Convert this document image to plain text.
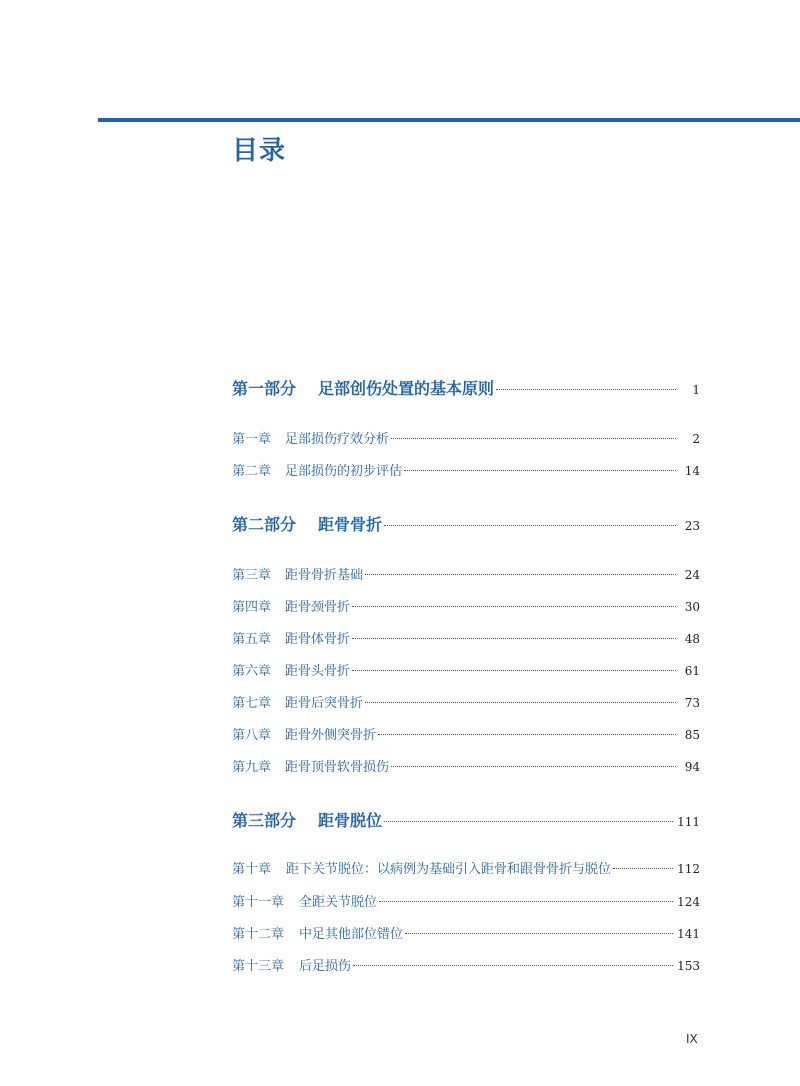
目录
第一部分	足部创伤处置的基本原则	1
第一章 足部损伤疗效分析	2
第二章 足部损伤的初步评估	14
第二部分	距骨骨折	23
第三章 距骨骨折基础	24
第四章 距骨颈骨折	30
第五章 距骨体骨折	48
第六章 距骨头骨折	61
第七章 距骨后突骨折	73
第八章 距骨外侧突骨折	85
第九章 距骨顶骨软骨损伤	94
第三部分	距骨脱位	111
第十章	距下关节脱位：以病例为基础引入距骨和跟骨骨折与脱位	112
第十一章	全距关节脱位	124
第十二章	中足其他部位错位	141
第十三章	后足损伤	153
IX
